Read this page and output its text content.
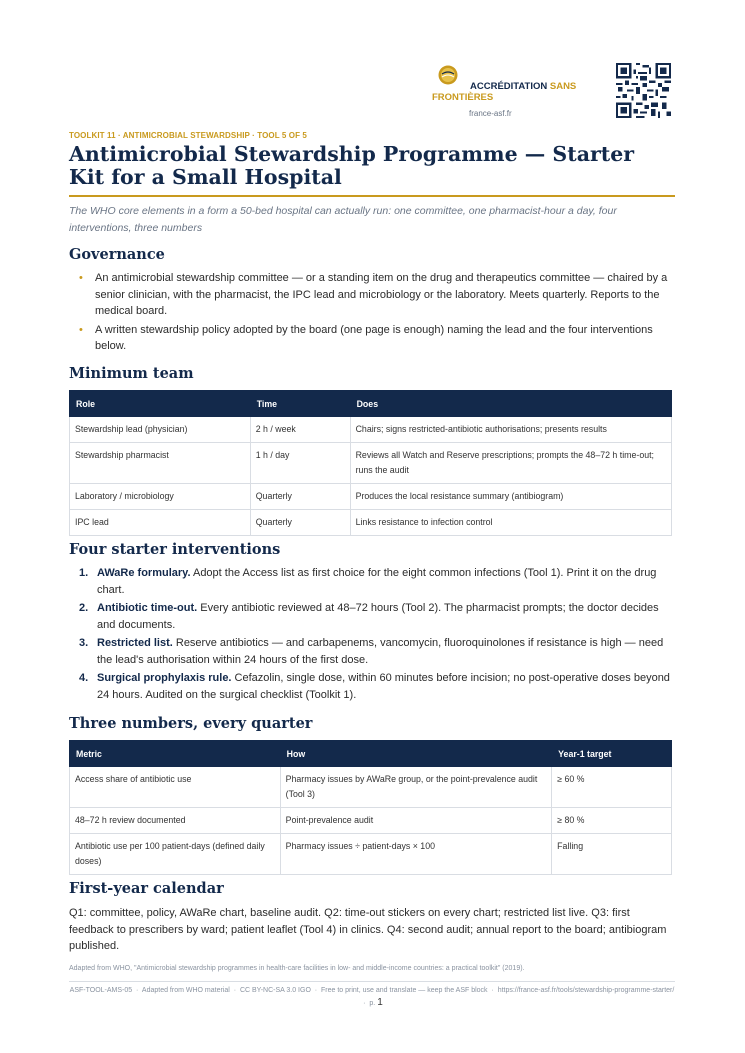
ACCRÉDITATION SANS FRONTIÈRES
france-asf.fr
TOOLKIT 11 · ANTIMICROBIAL STEWARDSHIP · TOOL 5 OF 5
Antimicrobial Stewardship Programme — Starter Kit for a Small Hospital

The WHO core elements in a form a 50-bed hospital can actually run: one committee, one pharmacist-hour a day, four interventions, three numbers

Governance
• An antimicrobial stewardship committee — or a standing item on the drug and therapeutics committee — chaired by a senior clinician, with the pharmacist, the IPC lead and microbiology or the laboratory. Meets quarterly. Reports to the medical board.
• A written stewardship policy adopted by the board (one page is enough) naming the lead and the four interventions below.
Minimum team
Role	Time	Does
Stewardship lead (physician)	2 h / week	Chairs; signs restricted-antibiotic authorisations; presents results
Stewardship pharmacist	1 h / day	Reviews all Watch and Reserve prescriptions; prompts the 48–72 h time-out; runs the audit
Laboratory / microbiology	Quarterly	Produces the local resistance summary (antibiogram)
IPC lead	Quarterly	Links resistance to infection control
Four starter interventions
1. AWaRe formulary. Adopt the Access list as first choice for the eight common infections (Tool 1). Print it on the drug chart.
2. Antibiotic time-out. Every antibiotic reviewed at 48–72 hours (Tool 2). The pharmacist prompts; the doctor decides and documents.
3. Restricted list. Reserve antibiotics — and carbapenems, vancomycin, fluoroquinolones if resistance is high — need the lead's authorisation within 24 hours of the first dose.
4. Surgical prophylaxis rule. Cefazolin, single dose, within 60 minutes before incision; no post-operative doses beyond 24 hours. Audited on the surgical checklist (Toolkit 1).
Three numbers, every quarter
Metric	How	Year-1 target
Access share of antibiotic use	Pharmacy issues by AWaRe group, or the point-prevalence audit (Tool 3)	≥ 60 %
48–72 h review documented	Point-prevalence audit	≥ 80 %
Antibiotic use per 100 patient-days (defined daily doses)	Pharmacy issues ÷ patient-days × 100	Falling
First-year calendar

Q1: committee, policy, AWaRe chart, baseline audit. Q2: time-out stickers on every chart; restricted list live. Q3: first feedback to prescribers by ward; patient leaflet (Tool 4) in clinics. Q4: second audit; annual report to the board; antibiogram published.

Adapted from WHO, "Antimicrobial stewardship programmes in health-care facilities in low- and middle-income countries: a practical toolkit" (2019).
ASF-TOOL-AMS-05  ·  Adapted from WHO material  ·  CC BY-NC-SA 3.0 IGO  ·  Free to print, use and translate — keep the ASF block  ·  https://france-asf.fr/tools/stewardship-programme-starter/  ·  p. 1
